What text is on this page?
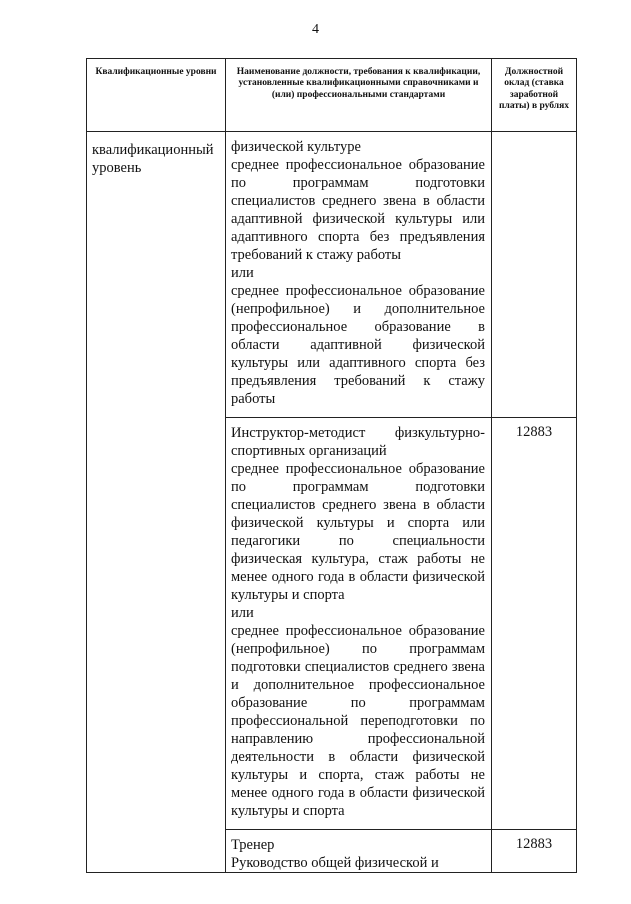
4
Квалификационные уровни	Наименование должности, требования к квалификации, установленные квалификационными справочниками и (или) профессиональными стандартами	Должностной оклад (ставка заработной платы) в рублях
квалификационный уровень	физической культуре

среднее профессиональное образование по программам подготовки специалистов среднего звена в области адаптивной физической культуры или адаптивного спорта без предъявления требований к стажу работы

или

среднее профессиональное образование (непрофильное) и дополнительное профессиональное образование в области адаптивной физической культуры или адаптивного спорта без предъявления требований к стажу работы	

	Инструктор-методист физкультурно-спортивных организаций

среднее профессиональное образование по программам подготовки специалистов среднего звена в области физической культуры и спорта или педагогики по специальности физическая культура, стаж работы не менее одного года в области физической культуры и спорта

или

среднее профессиональное образование (непрофильное) по программам подготовки специалистов среднего звена и дополнительное профессиональное образование по программам профессиональной переподготовки по направлению профессиональной деятельности в области физической культуры и спорта, стаж работы не менее одного года в области физической культуры и спорта	12883

	Тренер

Руководство общей физической и	12883
